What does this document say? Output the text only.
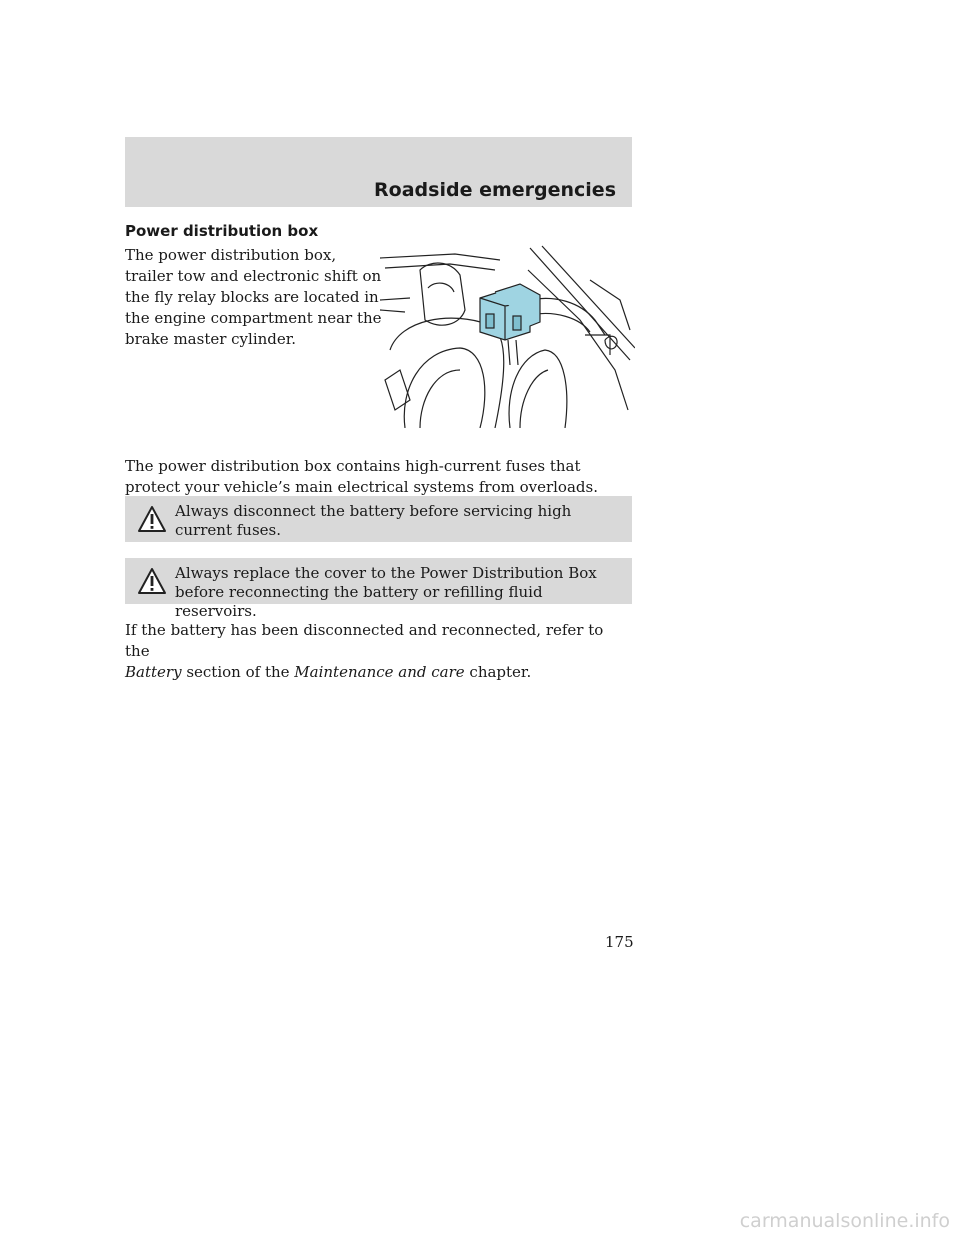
Roadside emergencies
Power distribution box
The power distribution box, trailer tow and electronic shift on the fly relay blocks are located in the engine compartment near the brake master cylinder.
The power distribution box contains high-current fuses that protect your vehicle’s main electrical systems from overloads.
Always disconnect the battery before servicing high current fuses.
Always replace the cover to the Power Distribution Box before reconnecting the battery or refilling fluid reservoirs.
If the battery has been disconnected and reconnected, refer to the
Battery section of the Maintenance and care chapter.
175
carmanualsonline.info
